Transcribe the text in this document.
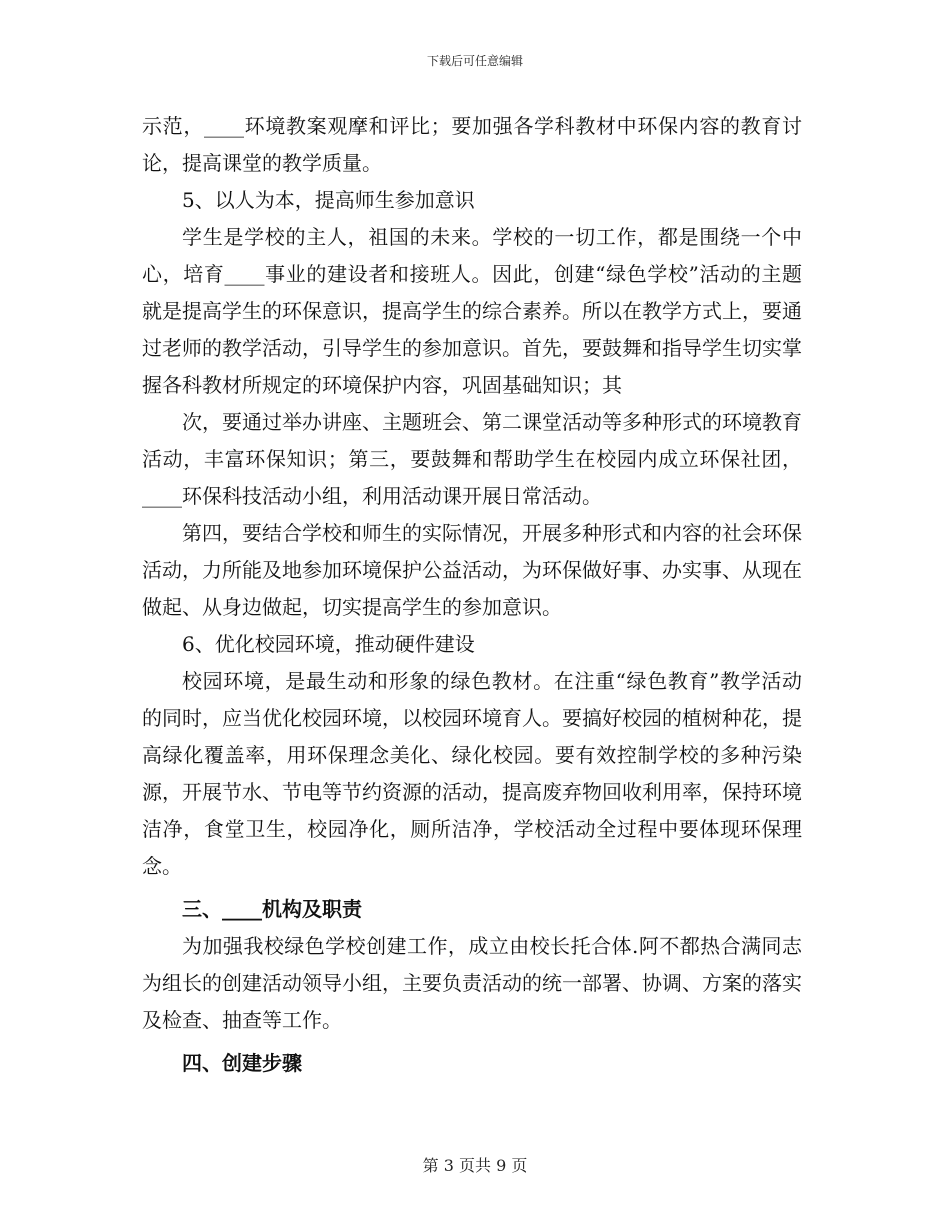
下载后可任意编辑

示范，____环境教案观摩和评比；要加强各学科教材中环保内容的教育讨论，提高课堂的教学质量。

5、以人为本，提高师生参加意识

学生是学校的主人，祖国的未来。学校的一切工作，都是围绕一个中心，培育____事业的建设者和接班人。因此，创建“绿色学校”活动的主题就是提高学生的环保意识，提高学生的综合素养。所以在教学方式上，要通过老师的教学活动，引导学生的参加意识。首先，要鼓舞和指导学生切实掌握各科教材所规定的环境保护内容，巩固基础知识；其

次，要通过举办讲座、主题班会、第二课堂活动等多种形式的环境教育活动，丰富环保知识；第三，要鼓舞和帮助学生在校园内成立环保社团，____环保科技活动小组，利用活动课开展日常活动。

第四，要结合学校和师生的实际情况，开展多种形式和内容的社会环保活动，力所能及地参加环境保护公益活动，为环保做好事、办实事、从现在做起、从身边做起，切实提高学生的参加意识。

6、优化校园环境，推动硬件建设

校园环境，是最生动和形象的绿色教材。在注重“绿色教育”教学活动的同时，应当优化校园环境，以校园环境育人。要搞好校园的植树种花，提高绿化覆盖率，用环保理念美化、绿化校园。要有效控制学校的多种污染源，开展节水、节电等节约资源的活动，提高废弃物回收利用率，保持环境洁净，食堂卫生，校园净化，厕所洁净，学校活动全过程中要体现环保理念。

三、____机构及职责

为加强我校绿色学校创建工作，成立由校长托合体.阿不都热合满同志为组长的创建活动领导小组，主要负责活动的统一部署、协调、方案的落实及检查、抽查等工作。

四、创建步骤

第 3 页共 9 页
